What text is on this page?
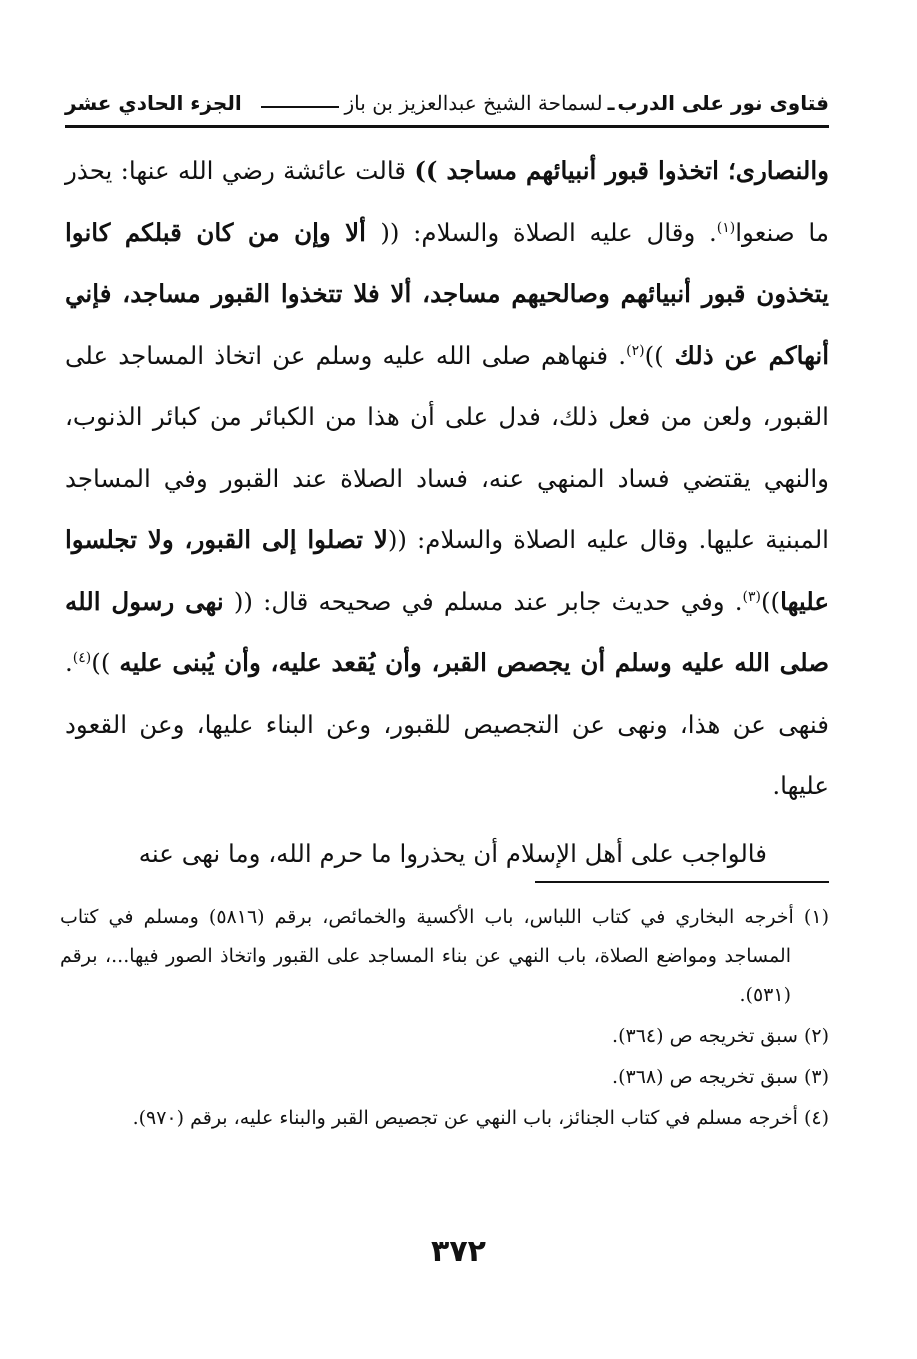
فتاوى نور على الدرب
ـ
لسماحة الشيخ عبدالعزيز بن باز
الجزء الحادي عشر

والنصارى؛ اتخذوا قبور أنبيائهم مساجد )) قالت عائشة رضي الله عنها: يحذر ما صنعوا$^{(١)}$. وقال عليه الصلاة والسلام: (( ألا وإن من كان قبلكم كانوا يتخذون قبور أنبيائهم وصالحيهم مساجد، ألا فلا تتخذوا القبور مساجد، فإني أنهاكم عن ذلك ))$^{(٢)}$. فنهاهم صلى الله عليه وسلم عن اتخاذ المساجد على القبور، ولعن من فعل ذلك، فدل على أن هذا من الكبائر من كبائر الذنوب، والنهي يقتضي فساد المنهي عنه، فساد الصلاة عند القبور وفي المساجد المبنية عليها. وقال عليه الصلاة والسلام: ((لا تصلوا إلى القبور، ولا تجلسوا عليها))$^{(٣)}$. وفي حديث جابر عند مسلم في صحيحه قال: (( نهى رسول الله صلى الله عليه وسلم أن يجصص القبر، وأن يُقعد عليه، وأن يُبنى عليه ))$^{(٤)}$. فنهى عن هذا، ونهى عن التجصيص للقبور، وعن البناء عليها، وعن القعود عليها.

فالواجب على أهل الإسلام أن يحذروا ما حرم الله، وما نهى عنه

(١) أخرجه البخاري في كتاب اللباس، باب الأكسية والخمائص، برقم (٥٨١٦) ومسلم في كتاب المساجد ومواضع الصلاة، باب النهي عن بناء المساجد على القبور واتخاذ الصور فيها...، برقم (٥٣١).

(٢) سبق تخريجه ص (٣٦٤).

(٣) سبق تخريجه ص (٣٦٨).

(٤) أخرجه مسلم في كتاب الجنائز، باب النهي عن تجصيص القبر والبناء عليه، برقم (٩٧٠).

٣٧٢
